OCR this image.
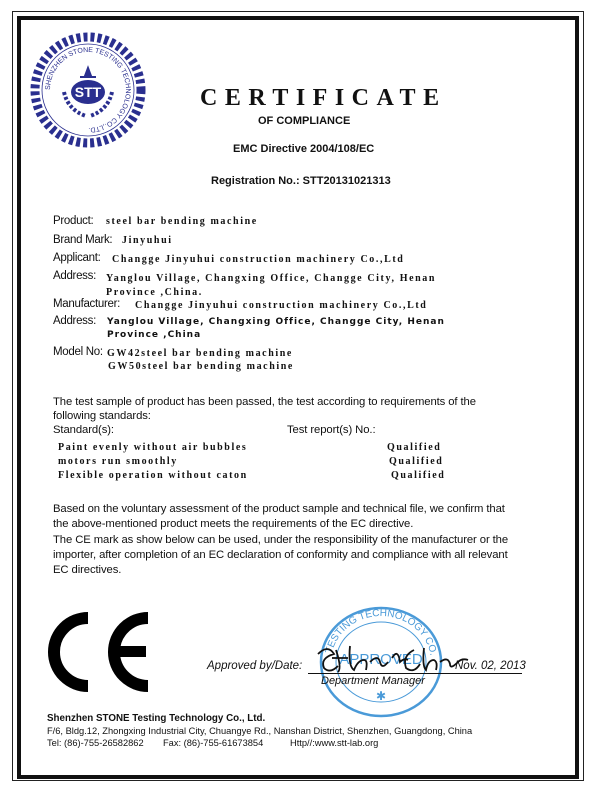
SHENZHEN STONE TESTING TECHNOLOGY CO.,LTD.
STT	CERTIFICATE
OF COMPLIANCE
EMC Directive 2004/108/EC
Registration No.: STT20131021313
Product: steel bar bending machine
Brand Mark: Jinyuhui
Applicant: Changge Jinyuhui construction machinery Co.,Ltd
Address: Yanglou Village, Changxing Office, Changge City, Henan
Province ,China.
Manufacturer: Changge Jinyuhui construction machinery Co.,Ltd
Address: Yanglou Village, Changxing Office, Changge City, Henan
Province ,China
Model No: GW42steel bar bending machine
GW50steel bar bending machine
The test sample of product has been passed, the test according to requirements of the
following standards:
Standard(s):	Test report(s) No.:
Paint evenly without air bubbles	Qualified
motors run smoothly	Qualified
Flexible operation without caton	Qualified
Based on the voluntary assessment of the product sample and technical file, we confirm that
the above-mentioned product meets the requirements of the EC directive.
The CE mark as show below can be used, under the responsibility of the manufacturer or the
importer, after completion of an EC declaration of conformity and compliance with all relevant
EC directives.
CE
TESTING TECHNOLOGY CO.
APPROVED
✱
Approved by/Date:	Nov. 02, 2013
Department Manager
Shenzhen STONE Testing Technology Co., Ltd.
F/6, Bldg.12, Zhongxing Industrial City, Chuangye Rd., Nanshan District, Shenzhen, Guangdong, China
Tel: (86)-755-26582862 Fax: (86)-755-61673854	Http//:www.stt-lab.org
